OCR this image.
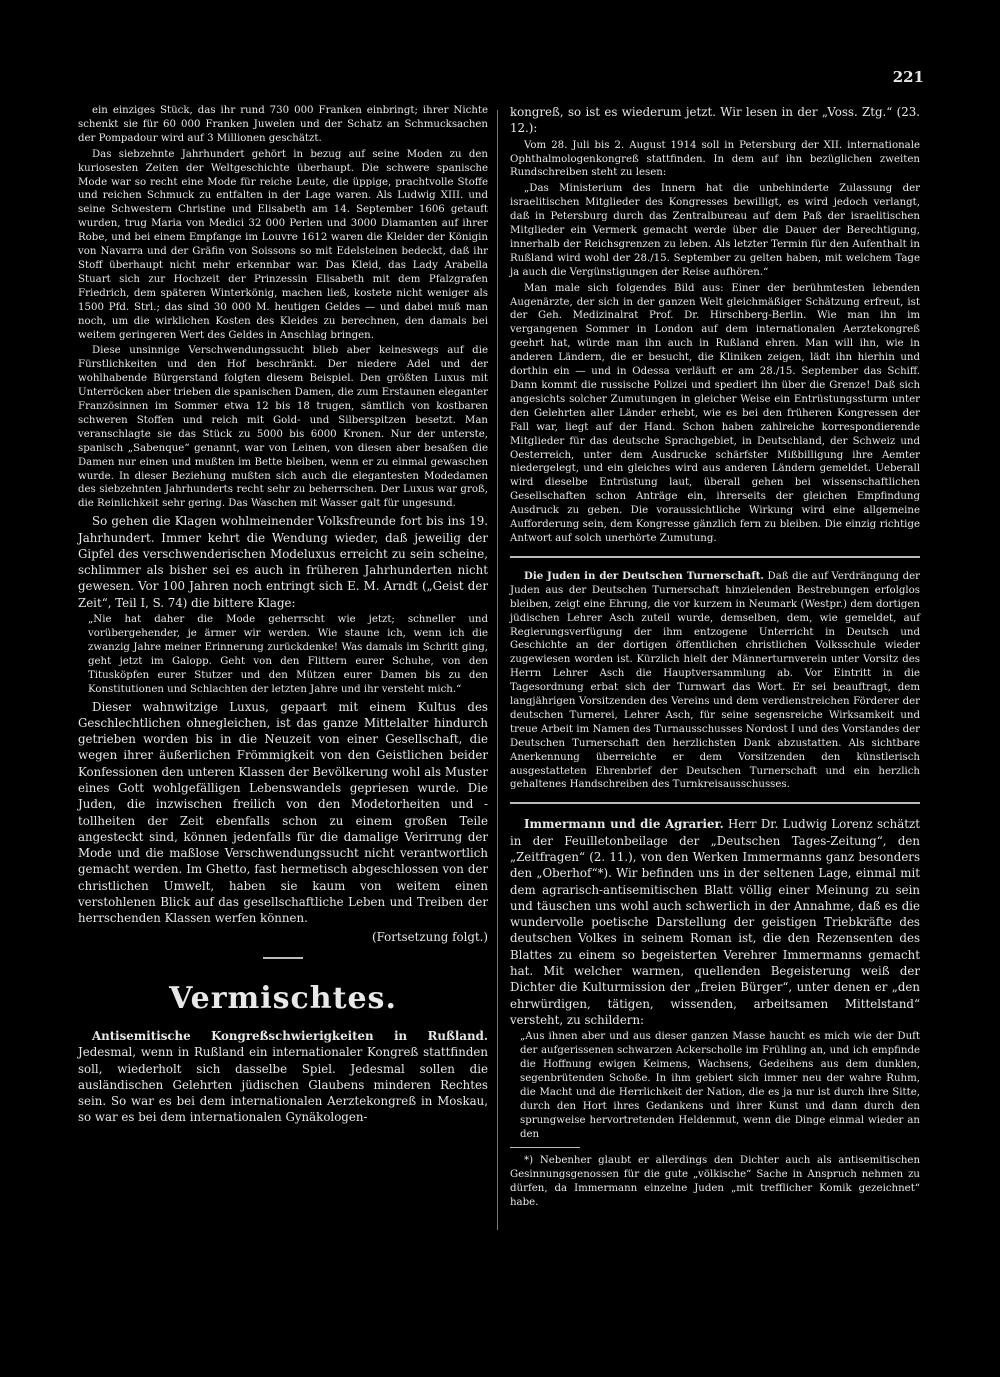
221

ein einziges Stück, das ihr rund 730 000 Franken einbringt; ihrer Nichte schenkt sie für 60 000 Franken Juwelen und der Schatz an Schmucksachen der Pompadour wird auf 3 Millionen geschätzt.

Das siebzehnte Jahrhundert gehört in bezug auf seine Moden zu den kuriosesten Zeiten der Weltgeschichte überhaupt. Die schwere spanische Mode war so recht eine Mode für reiche Leute, die üppige, prachtvolle Stoffe und reichen Schmuck zu entfalten in der Lage waren. Als Ludwig XIII. und seine Schwestern Christine und Elisabeth am 14. September 1606 getauft wurden, trug Maria von Medici 32 000 Perlen und 3000 Diamanten auf ihrer Robe, und bei einem Empfange im Louvre 1612 waren die Kleider der Königin von Navarra und der Gräfin von Soissons so mit Edelsteinen bedeckt, daß ihr Stoff überhaupt nicht mehr erkennbar war. Das Kleid, das Lady Arabella Stuart sich zur Hochzeit der Prinzessin Elisabeth mit dem Pfalzgrafen Friedrich, dem späteren Winterkönig, machen ließ, kostete nicht weniger als 1500 Pfd. Strl.; das sind 30 000 M. heutigen Geldes — und dabei muß man noch, um die wirklichen Kosten des Kleides zu berechnen, den damals bei weitem geringeren Wert des Geldes in Anschlag bringen.

Diese unsinnige Verschwendungssucht blieb aber keineswegs auf die Fürstlichkeiten und den Hof beschränkt. Der niedere Adel und der wohlhabende Bürgerstand folgten diesem Beispiel. Den größten Luxus mit Unterröcken aber trieben die spanischen Damen, die zum Erstaunen eleganter Französinnen im Sommer etwa 12 bis 18 trugen, sämtlich von kostbaren schweren Stoffen und reich mit Gold- und Silberspitzen besetzt. Man veranschlagte sie das Stück zu 5000 bis 6000 Kronen. Nur der unterste, spanisch „Sabenque“ genannt, war von Leinen, von diesen aber besaßen die Damen nur einen und mußten im Bette bleiben, wenn er zu einmal gewaschen wurde. In dieser Beziehung mußten sich auch die elegantesten Modedamen des siebzehnten Jahrhunderts recht sehr zu beherrschen. Der Luxus war groß, die Reinlichkeit sehr gering. Das Waschen mit Wasser galt für ungesund.

So gehen die Klagen wohlmeinender Volksfreunde fort bis ins 19. Jahrhundert. Immer kehrt die Wendung wieder, daß jeweilig der Gipfel des verschwenderischen Modeluxus erreicht zu sein scheine, schlimmer als bisher sei es auch in früheren Jahrhunderten nicht gewesen. Vor 100 Jahren noch entringt sich E. M. Arndt („Geist der Zeit“, Teil I, S. 74) die bittere Klage:

„Nie hat daher die Mode geherrscht wie jetzt; schneller und vorübergehender, je ärmer wir werden. Wie staune ich, wenn ich die zwanzig Jahre meiner Erinnerung zurückdenke! Was damals im Schritt ging, geht jetzt im Galopp. Geht von den Flittern eurer Schuhe, von den Titusköpfen eurer Stutzer und den Mützen eurer Damen bis zu den Konstitutionen und Schlachten der letzten Jahre und ihr versteht mich.“

Dieser wahnwitzige Luxus, gepaart mit einem Kultus des Geschlechtlichen ohnegleichen, ist das ganze Mittelalter hindurch getrieben worden bis in die Neuzeit von einer Gesellschaft, die wegen ihrer äußerlichen Frömmigkeit von den Geistlichen beider Konfessionen den unteren Klassen der Bevölkerung wohl als Muster eines Gott wohlgefälligen Lebenswandels gepriesen wurde. Die Juden, die inzwischen freilich von den Modetorheiten und -tollheiten der Zeit ebenfalls schon zu einem großen Teile angesteckt sind, können jedenfalls für die damalige Verirrung der Mode und die maßlose Verschwendungssucht nicht verantwortlich gemacht werden. Im Ghetto, fast hermetisch abgeschlossen von der christlichen Umwelt, haben sie kaum von weitem einen verstohlenen Blick auf das gesellschaftliche Leben und Treiben der herrschenden Klassen werfen können.

(Fortsetzung folgt.)

Vermischtes.

Antisemitische Kongreßschwierigkeiten in Rußland. Jedesmal, wenn in Rußland ein internationaler Kongreß stattfinden soll, wiederholt sich dasselbe Spiel. Jedesmal sollen die ausländischen Gelehrten jüdischen Glaubens minderen Rechtes sein. So war es bei dem internationalen Aerztekongreß in Moskau, so war es bei dem internationalen Gynäkologen-

kongreß, so ist es wiederum jetzt. Wir lesen in der „Voss. Ztg.“ (23. 12.):

Vom 28. Juli bis 2. August 1914 soll in Petersburg der XII. internationale Ophthalmologenkongreß stattfinden. In dem auf ihn bezüglichen zweiten Rundschreiben steht zu lesen:

„Das Ministerium des Innern hat die unbehinderte Zulassung der israelitischen Mitglieder des Kongresses bewilligt, es wird jedoch verlangt, daß in Petersburg durch das Zentralbureau auf dem Paß der israelitischen Mitglieder ein Vermerk gemacht werde über die Dauer der Berechtigung, innerhalb der Reichsgrenzen zu leben. Als letzter Termin für den Aufenthalt in Rußland wird wohl der 28./15. September zu gelten haben, mit welchem Tage ja auch die Vergünstigungen der Reise aufhören.“

Man male sich folgendes Bild aus: Einer der berühmtesten lebenden Augenärzte, der sich in der ganzen Welt gleichmäßiger Schätzung erfreut, ist der Geh. Medizinalrat Prof. Dr. Hirschberg-Berlin. Wie man ihn im vergangenen Sommer in London auf dem internationalen Aerztekongreß geehrt hat, würde man ihn auch in Rußland ehren. Man will ihn, wie in anderen Ländern, die er besucht, die Kliniken zeigen, lädt ihn hierhin und dorthin ein — und in Odessa verläuft er am 28./15. September das Schiff. Dann kommt die russische Polizei und spediert ihn über die Grenze! Daß sich angesichts solcher Zumutungen in gleicher Weise ein Entrüstungssturm unter den Gelehrten aller Länder erhebt, wie es bei den früheren Kongressen der Fall war, liegt auf der Hand. Schon haben zahlreiche korrespondierende Mitglieder für das deutsche Sprachgebiet, in Deutschland, der Schweiz und Oesterreich, unter dem Ausdrucke schärfster Mißbilligung ihre Aemter niedergelegt, und ein gleiches wird aus anderen Ländern gemeldet. Ueberall wird dieselbe Entrüstung laut, überall gehen bei wissenschaftlichen Gesellschaften schon Anträge ein, ihrerseits der gleichen Empfindung Ausdruck zu geben. Die voraussichtliche Wirkung wird eine allgemeine Aufforderung sein, dem Kongresse gänzlich fern zu bleiben. Die einzig richtige Antwort auf solch unerhörte Zumutung.

Die Juden in der Deutschen Turnerschaft. Daß die auf Verdrängung der Juden aus der Deutschen Turnerschaft hinzielenden Bestrebungen erfolglos bleiben, zeigt eine Ehrung, die vor kurzem in Neumark (Westpr.) dem dortigen jüdischen Lehrer Asch zuteil wurde, demselben, dem, wie gemeldet, auf Regierungsverfügung der ihm entzogene Unterricht in Deutsch und Geschichte an der dortigen öffentlichen christlichen Volksschule wieder zugewiesen worden ist. Kürzlich hielt der Männerturnverein unter Vorsitz des Herrn Lehrer Asch die Hauptversammlung ab. Vor Eintritt in die Tagesordnung erbat sich der Turnwart das Wort. Er sei beauftragt, dem langjährigen Vorsitzenden des Vereins und dem verdienstreichen Förderer der deutschen Turnerei, Lehrer Asch, für seine segensreiche Wirksamkeit und treue Arbeit im Namen des Turnausschusses Nordost I und des Vorstandes der Deutschen Turnerschaft den herzlichsten Dank abzustatten. Als sichtbare Anerkennung überreichte er dem Vorsitzenden den künstlerisch ausgestatteten Ehrenbrief der Deutschen Turnerschaft und ein herzlich gehaltenes Handschreiben des Turnkreisausschusses.

Immermann und die Agrarier. Herr Dr. Ludwig Lorenz schätzt in der Feuilletonbeilage der „Deutschen Tages-Zeitung“, den „Zeitfragen“ (2. 11.), von den Werken Immermanns ganz besonders den „Oberhof“*). Wir befinden uns in der seltenen Lage, einmal mit dem agrarisch-antisemitischen Blatt völlig einer Meinung zu sein und täuschen uns wohl auch schwerlich in der Annahme, daß es die wundervolle poetische Darstellung der geistigen Triebkräfte des deutschen Volkes in seinem Roman ist, die den Rezensenten des Blattes zu einem so begeisterten Verehrer Immermanns gemacht hat. Mit welcher warmen, quellenden Begeisterung weiß der Dichter die Kulturmission der „freien Bürger“, unter denen er „den ehrwürdigen, tätigen, wissenden, arbeitsamen Mittelstand“ versteht, zu schildern:

„Aus ihnen aber und aus dieser ganzen Masse haucht es mich wie der Duft der aufgerissenen schwarzen Ackerscholle im Frühling an, und ich empfinde die Hoffnung ewigen Keimens, Wachsens, Gedeihens aus dem dunklen, segenbrütenden Schoße. In ihm gebiert sich immer neu der wahre Ruhm, die Macht und die Herrlichkeit der Nation, die es ja nur ist durch ihre Sitte, durch den Hort ihres Gedankens und ihrer Kunst und dann durch den sprungweise hervortretenden Heldenmut, wenn die Dinge einmal wieder an den

*) Nebenher glaubt er allerdings den Dichter auch als antisemitischen Gesinnungsgenossen für die gute „völkische“ Sache in Anspruch nehmen zu dürfen, da Immermann einzelne Juden „mit trefflicher Komik gezeichnet“ habe.
